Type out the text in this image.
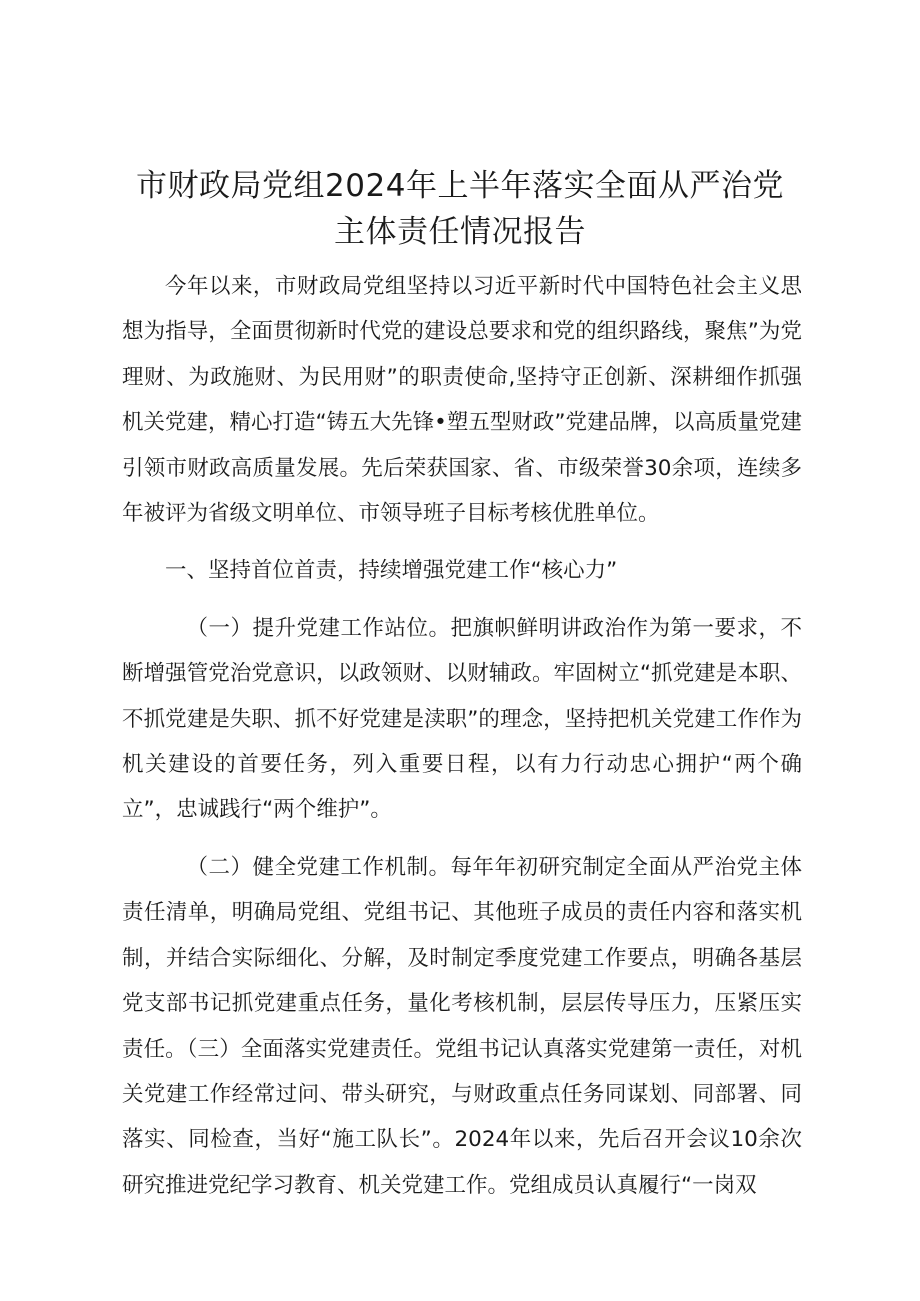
市财政局党组2024年上半年落实全面从严治党
主体责任情况报告

今年以来，市财政局党组坚持以习近平新时代中国特色社会主义思想为指导，全面贯彻新时代党的建设总要求和党的组织路线，聚焦”为党理财、为政施财、为民用财”的职责使命,坚持守正创新、深耕细作抓强机关党建，精心打造“铸五大先锋•塑五型财政”党建品牌，以高质量党建引领市财政高质量发展。先后荣获国家、省、市级荣誉30余项，连续多年被评为省级文明单位、市领导班子目标考核优胜单位。

一、坚持首位首责，持续增强党建工作“核心力”

（一）提升党建工作站位。把旗帜鲜明讲政治作为第一要求，不断增强管党治党意识，以政领财、以财辅政。牢固树立“抓党建是本职、不抓党建是失职、抓不好党建是渎职”的理念，坚持把机关党建工作作为机关建设的首要任务，列入重要日程，以有力行动忠心拥护“两个确立”，忠诚践行“两个维护”。

（二）健全党建工作机制。每年年初研究制定全面从严治党主体责任清单，明确局党组、党组书记、其他班子成员的责任内容和落实机制，并结合实际细化、分解，及时制定季度党建工作要点，明确各基层党支部书记抓党建重点任务，量化考核机制，层层传导压力，压紧压实责任。（三）全面落实党建责任。党组书记认真落实党建第一责任，对机关党建工作经常过问、带头研究，与财政重点任务同谋划、同部署、同落实、同检查，当好“施工队长”。2024年以来，先后召开会议10余次研究推进党纪学习教育、机关党建工作。党组成员认真履行“一岗双
